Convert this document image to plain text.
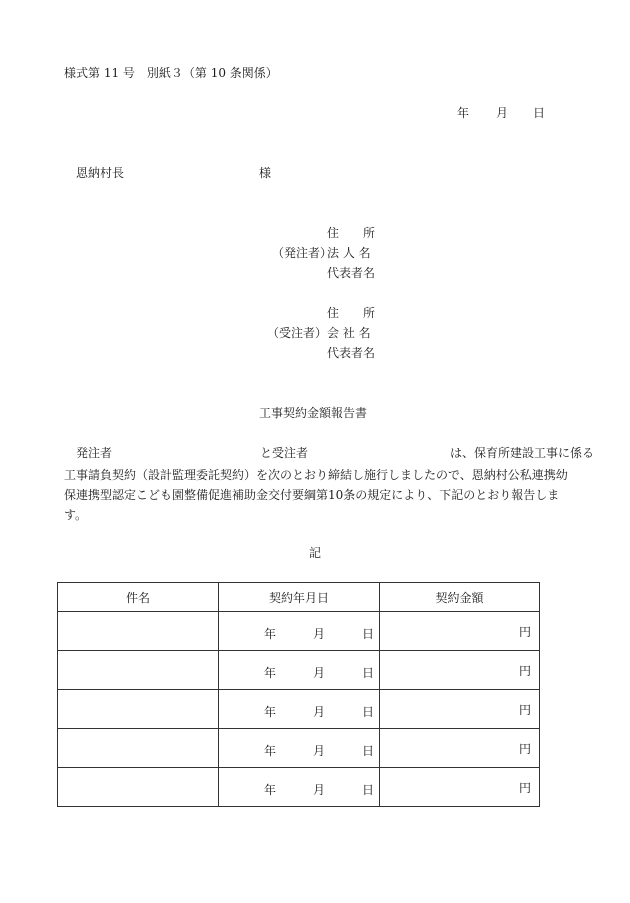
様式第 11 号　別紙３（第 10 条関係）
年 月 日
恩納村長	様
（発注者）
住　　所
法 人 名
代表者名
（受注者）
住　　所
会 社 名
代表者名
工事契約金額報告書
発注者	と受注者	は、保育所建設工事に係る
工事請負契約（設計監理委託契約）を次のとおり締結し施行しましたので、恩納村公私連携幼保連携型認定こども園整備促進補助金交付要綱第10条の規定により、下記のとおり報告します。
記
件名	契約年月日	契約金額

	年 月 日	円

	年 月 日	円

	年 月 日	円

	年 月 日	円

	年 月 日	円
